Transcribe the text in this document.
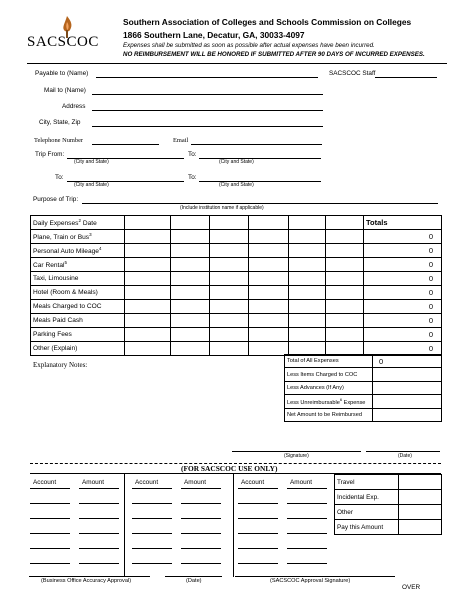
SACSCOC
Southern Association of Colleges and Schools Commission on Colleges
1866 Southern Lane, Decatur, GA, 30033-4097
Expenses shall be submitted as soon as possible after actual expenses have been incurred.
NO REIMBURSEMENT WILL BE HONORED IF SUBMITTED AFTER 90 DAYS OF INCURRED EXPENSES.
Payable to (Name)	SACSCOC Staff
Mail to (Name)
Address
City, State, Zip
Telephone Number	Email
Trip From:
(City and State)
To:
(City and State)
To:
(City and State)
To:
(City and State)
Purpose of Trip:
(Include institution name if applicable)
Daily Expenses$^2$ Date							Totals
Plane, Train or Bus$^3$							0
Personal Auto Mileage$^4$							0
Car Rental$^5$							0
Taxi, Limousine							0
Hotel (Room & Meals)							0
Meals Charged to COC							0
Meals Paid Cash							0
Parking Fees							0
Other (Explain)							0
Explanatory Notes:	Total of All Expenses	0
Less Items Charged to COC	
Less Advances (If Any)	
Less Unreimbursable$^6$ Expense	
Net Amount to be Reimbursed	
(Signature)	(Date)
(FOR SACSCOC USE ONLY)
Account	Amount	Account	Amount	Account	Amount	Travel	
Incidental Exp.	
Other	
Pay this Amount	
(Business Office Accuracy Approval)	(Date)	(SACSCOC Approval Signature)
OVER
